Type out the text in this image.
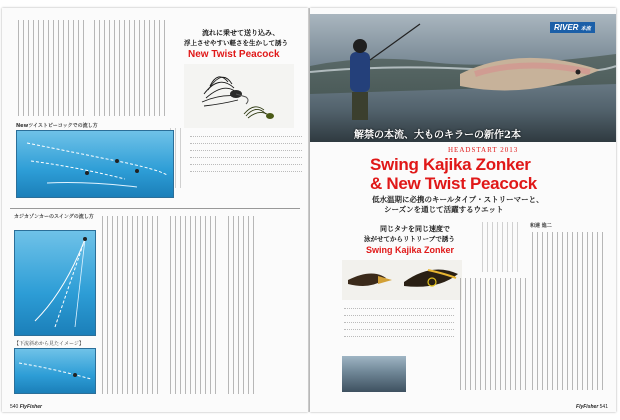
流れに乗せて送り込み、
浮上させやすい軽さを生かして誘う
New Twist Peacock
Newツイストピーコックでの流し方
カジカゾンカーのスイングの流し方
【下流斜めから見たイメージ】
540 FlyFisher
同じタナを同じ速度で
泳がせてからリトリーブで誘う
Swing Kajika Zonker
RIVER 本流
解禁の本流、大ものキラーの新作2本
HEADSTART 2013
Swing Kajika Zonker
& New Twist Peacock
低水温期に必携のキールタイプ・ストリーマーと、
シーズンを通じて活躍するウエット
和達 進二
FlyFisher 541
